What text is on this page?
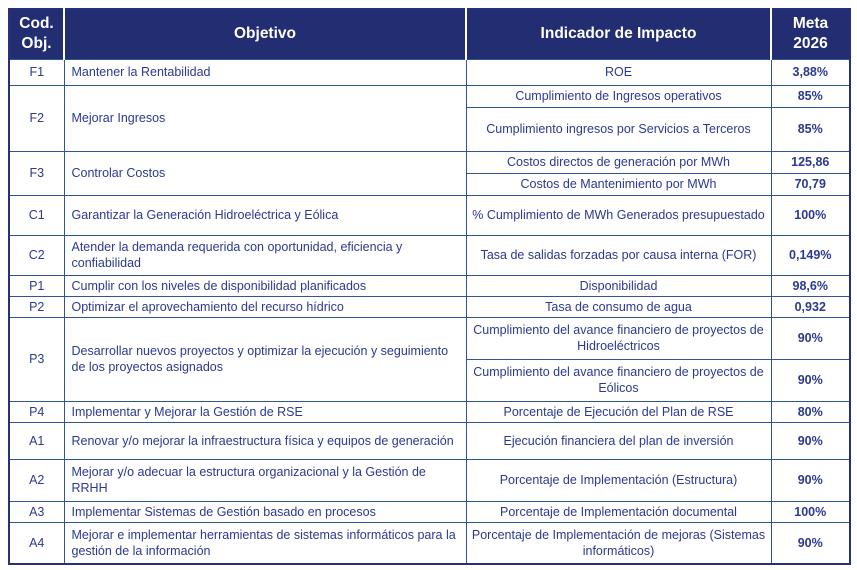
Cod. Obj.	Objetivo	Indicador de Impacto	Meta 2026
F1	Mantener la Rentabilidad	ROE	3,88%
F2	Mejorar Ingresos	Cumplimiento de Ingresos operativos	85%
		Cumplimiento ingresos por Servicios a Terceros	85%
F3	Controlar Costos	Costos directos de generación por MWh	125,86
		Costos de Mantenimiento por MWh	70,79
C1	Garantizar la Generación Hidroeléctrica y Eólica	% Cumplimiento de MWh Generados presupuestado	100%
C2	Atender la demanda requerida con oportunidad, eficiencia y confiabilidad	Tasa de salidas forzadas por causa interna (FOR)	0,149%
P1	Cumplir con los niveles de disponibilidad planificados	Disponibilidad	98,6%
P2	Optimizar el aprovechamiento del recurso hídrico	Tasa de consumo de agua	0,932
P3	Desarrollar nuevos proyectos y optimizar la ejecución y seguimiento de los proyectos asignados	Cumplimiento del avance financiero de proyectos de Hidroeléctricos	90%
		Cumplimiento del avance financiero de proyectos de Eólicos	90%
P4	Implementar y Mejorar la Gestión de RSE	Porcentaje de Ejecución del Plan de RSE	80%
A1	Renovar y/o mejorar la infraestructura física y equipos de generación	Ejecución financiera del plan de inversión	90%
A2	Mejorar y/o adecuar la estructura organizacional y la Gestión de RRHH	Porcentaje de Implementación (Estructura)	90%
A3	Implementar Sistemas de Gestión basado en procesos	Porcentaje de Implementación documental	100%
A4	Mejorar e implementar herramientas de sistemas informáticos para la gestión de la información	Porcentaje de Implementación de mejoras (Sistemas informáticos)	90%
